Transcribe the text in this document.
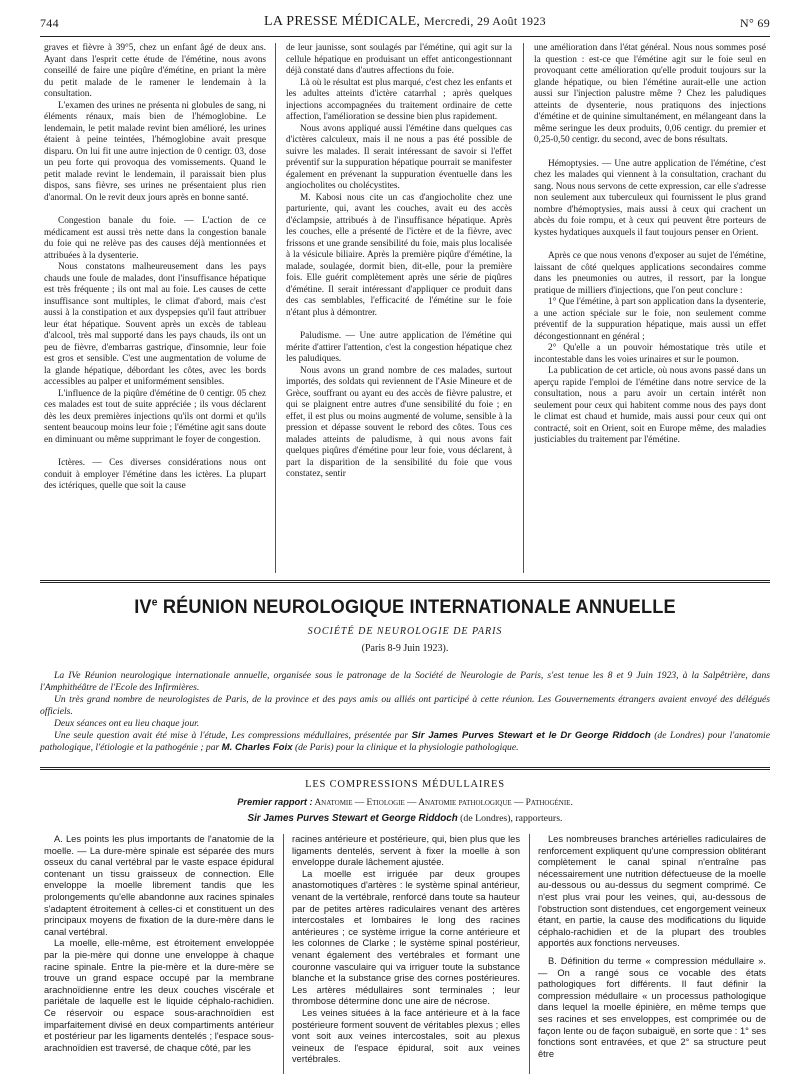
744	LA PRESSE MÉDICALE, Mercredi, 29 Août 1923	N° 69

graves et fièvre à 39°5, chez un enfant âgé de deux ans. Ayant dans l'esprit cette étude de l'émétine, nous avons conseillé de faire une piqûre d'émétine, en priant la mère du petit malade de le ramener le lendemain à la consultation.

L'examen des urines ne présenta ni globules de sang, ni éléments rénaux, mais bien de l'hémoglobine. Le lendemain, le petit malade revint bien amélioré, les urines étaient à peine teintées, l'hémoglobine avait presque disparu. On lui fit une autre injection de 0 centigr. 03, dose un peu forte qui provoqua des vomissements. Quand le petit malade revint le lendemain, il paraissait bien plus dispos, sans fièvre, ses urines ne présentaient plus rien d'anormal. On le revit deux jours après en bonne santé.

Congestion banale du foie. — L'action de ce médicament est aussi très nette dans la congestion banale du foie qui ne relève pas des causes déjà mentionnées et attribuées à la dysenterie.

Nous constatons malheureusement dans les pays chauds une foule de malades, dont l'insuffisance hépatique est très fréquente ; ils ont mal au foie. Les causes de cette insuffisance sont multiples, le climat d'abord, mais c'est aussi à la constipation et aux dyspepsies qu'il faut attribuer leur état hépatique. Souvent après un excès de tableau d'alcool, très mal supporté dans les pays chauds, ils ont un peu de fièvre, d'embarras gastrique, d'insomnie, leur foie est gros et sensible. C'est une augmentation de volume de la glande hépatique, débordant les côtes, avec les bords accessibles au palper et uniformément sensibles.

L'influence de la piqûre d'émétine de 0 centigr. 05 chez ces malades est tout de suite appréciée ; ils vous déclarent dès les deux premières injections qu'ils ont dormi et qu'ils sentent beaucoup moins leur foie ; l'émétine agit sans doute en diminuant ou même supprimant le foyer de congestion.

Ictères. — Ces diverses considérations nous ont conduit à employer l'émétine dans les ictères. La plupart des ictériques, quelle que soit la cause

de leur jaunisse, sont soulagés par l'émétine, qui agit sur la cellule hépatique en produisant un effet anticongestionnant déjà constaté dans d'autres affections du foie.

Là où le résultat est plus marqué, c'est chez les enfants et les adultes atteints d'ictère catarrhal ; après quelques injections accompagnées du traitement ordinaire de cette affection, l'amélioration se dessine bien plus rapidement.

Nous avons appliqué aussi l'émétine dans quelques cas d'ictères calculeux, mais il ne nous a pas été possible de suivre les malades. Il serait intéressant de savoir si l'effet préventif sur la suppuration hépatique pourrait se manifester également en prévenant la suppuration éventuelle dans les angiocholites ou cholécystites.

M. Kabosi nous cite un cas d'angiocholite chez une parturiente, qui, avant les couches, avait eu des accès d'éclampsie, attribués à de l'insuffisance hépatique. Après les couches, elle a présenté de l'ictère et de la fièvre, avec frissons et une grande sensibilité du foie, mais plus localisée à la vésicule biliaire. Après la première piqûre d'émétine, la malade, soulagée, dormit bien, dit-elle, pour la première fois. Elle guérit complètement après une série de piqûres d'émétine. Il serait intéressant d'appliquer ce produit dans des cas semblables, l'efficacité de l'émétine sur le foie n'étant plus à démontrer.

Paludisme. — Une autre application de l'émétine qui mérite d'attirer l'attention, c'est la congestion hépatique chez les paludiques.

Nous avons un grand nombre de ces malades, surtout importés, des soldats qui reviennent de l'Asie Mineure et de Grèce, souffrant ou ayant eu des accès de fièvre palustre, et qui se plaignent entre autres d'une sensibilité du foie ; en effet, il est plus ou moins augmenté de volume, sensible à la pression et dépasse souvent le rebord des côtes. Tous ces malades atteints de paludisme, à qui nous avons fait quelques piqûres d'émétine pour leur foie, vous déclarent, à part la disparition de la sensibilité du foie que vous constatez, sentir

une amélioration dans l'état général. Nous nous sommes posé la question : est-ce que l'émétine agit sur le foie seul en provoquant cette amélioration qu'elle produit toujours sur la glande hépatique, ou bien l'émétine aurait-elle une action aussi sur l'injection palustre même ? Chez les paludiques atteints de dysenterie, nous pratiquons des injections d'émétine et de quinine simultanément, en mélangeant dans la même seringue les deux produits, 0,06 centigr. du premier et 0,25-0,50 centigr. du second, avec de bons résultats.

Hémoptysies. — Une autre application de l'émétine, c'est chez les malades qui viennent à la consultation, crachant du sang. Nous nous servons de cette expression, car elle s'adresse non seulement aux tuberculeux qui fournissent le plus grand nombre d'hémoptysies, mais aussi à ceux qui crachent un abcès du foie rompu, et à ceux qui peuvent être porteurs de kystes hydatiques auxquels il faut toujours penser en Orient.

Après ce que nous venons d'exposer au sujet de l'émétine, laissant de côté quelques applications secondaires comme dans les pneumonies ou autres, il ressort, par la longue pratique de milliers d'injections, que l'on peut conclure :

1° Que l'émétine, à part son application dans la dysenterie, a une action spéciale sur le foie, non seulement comme préventif de la suppuration hépatique, mais aussi un effet décongestionnant en général ;

2° Qu'elle a un pouvoir hémostatique très utile et incontestable dans les voies urinaires et sur le poumon.

La publication de cet article, où nous avons passé dans un aperçu rapide l'emploi de l'émétine dans notre service de la consultation, nous a paru avoir un certain intérêt non seulement pour ceux qui habitent comme nous des pays dont le climat est chaud et humide, mais aussi pour ceux qui ont contracté, soit en Orient, soit en Europe même, des maladies justiciables du traitement par l'émétine.

IVe RÉUNION NEUROLOGIQUE INTERNATIONALE ANNUELLE
SOCIÉTÉ DE NEUROLOGIE DE PARIS
(Paris 8-9 Juin 1923).

La IVe Réunion neurologique internationale annuelle, organisée sous le patronage de la Société de Neurologie de Paris, s'est tenue les 8 et 9 Juin 1923, à la Salpêtrière, dans l'Amphithéâtre de l'Ecole des Infirmières.

Un très grand nombre de neurologistes de Paris, de la province et des pays amis ou alliés ont participé à cette réunion. Les Gouvernements étrangers avaient envoyé des délégués officiels.

Deux séances ont eu lieu chaque jour.

Une seule question avait été mise à l'étude, Les compressions médullaires, présentée par Sir James Purves Stewart et le Dr George Riddoch (de Londres) pour l'anatomie pathologique, l'étiologie et la pathogénie ; par M. Charles Foix (de Paris) pour la clinique et la physiologie pathologique.

LES COMPRESSIONS MÉDULLAIRES
Premier rapport : Anatomie — Etiologie — Anatomie pathologique — Pathogénie.
Sir James Purves Stewart et George Riddoch (de Londres), rapporteurs.

A. Les points les plus importants de l'anatomie de la moelle. — La dure-mère spinale est séparée des murs osseux du canal vertébral par le vaste espace épidural contenant un tissu graisseux de connection. Elle enveloppe la moelle librement tandis que les prolongements qu'elle abandonne aux racines spinales s'adaptent étroitement à celles-ci et constituent un des principaux moyens de fixation de la dure-mère dans le canal vertébral.

La moelle, elle-même, est étroitement enveloppée par la pie-mère qui donne une enveloppe à chaque racine spinale. Entre la pie-mère et la dure-mère se trouve un grand espace occupé par la membrane arachnoïdienne entre les deux couches viscérale et pariétale de laquelle est le liquide céphalo-rachidien. Ce réservoir ou espace sous-arachnoïdien est imparfaitement divisé en deux compartiments antérieur et postérieur par les ligaments dentelés ; l'espace sous-arachnoïdien est traversé, de chaque côté, par les

racines antérieure et postérieure, qui, bien plus que les ligaments dentelés, servent à fixer la moelle à son enveloppe durale lâchement ajustée.

La moelle est irriguée par deux groupes anastomotiques d'artères : le système spinal antérieur, venant de la vertébrale, renforcé dans toute sa hauteur par de petites artères radiculaires venant des artères intercostales et lombaires le long des racines antérieures ; ce système irrigue la corne antérieure et les colonnes de Clarke ; le système spinal postérieur, venant également des vertébrales et formant une couronne vasculaire qui va irriguer toute la substance blanche et la substance grise des cornes postérieures. Les artères médullaires sont terminales ; leur thrombose détermine donc une aire de nécrose.

Les veines situées à la face antérieure et à la face postérieure forment souvent de véritables plexus ; elles vont soit aux veines intercostales, soit au plexus veineux de l'espace épidural, soit aux veines vertébrales.

Les nombreuses branches artérielles radiculaires de renforcement expliquent qu'une compression oblitérant complètement le canal spinal n'entraîne pas nécessairement une nutrition défectueuse de la moelle au-dessous ou au-dessus du segment comprimé. Ce n'est plus vrai pour les veines, qui, au-dessous de l'obstruction sont distendues, cet engorgement veineux étant, en partie, la cause des modifications du liquide céphalo-rachidien et de la plupart des troubles apportés aux fonctions nerveuses.

B. Définition du terme « compression médullaire ». — On a rangé sous ce vocable des états pathologiques fort différents. Il faut définir la compression médullaire « un processus pathologique dans lequel la moelle épinière, en même temps que ses racines et ses enveloppes, est comprimée ou de façon lente ou de façon subaiguë, en sorte que : 1° ses fonctions sont entravées, et que 2° sa structure peut être
